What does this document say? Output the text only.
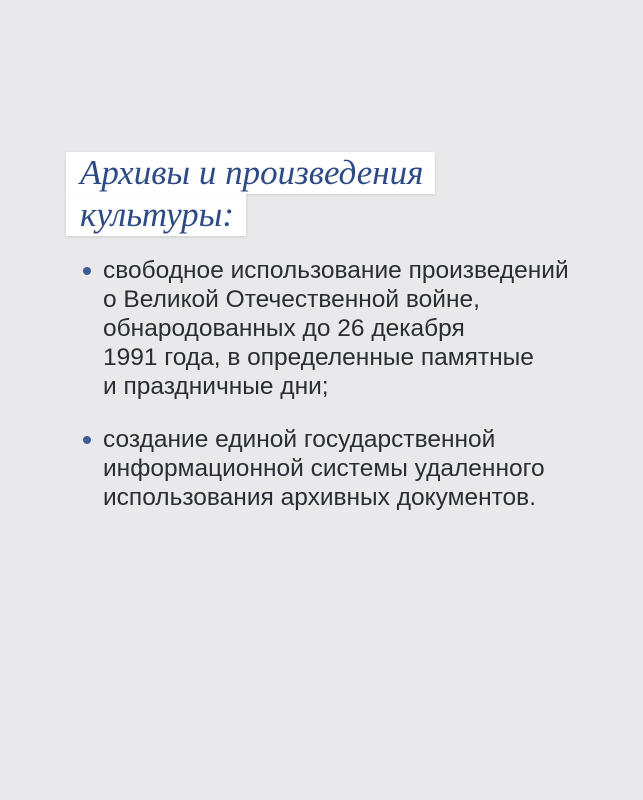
Архивы и произведения
культуры:
свободное использование произведений
о Великой Отечественной войне,
обнародованных до 26 декабря
1991 года, в определенные памятные
и праздничные дни;
создание единой государственной
информационной системы удаленного
использования архивных документов.
